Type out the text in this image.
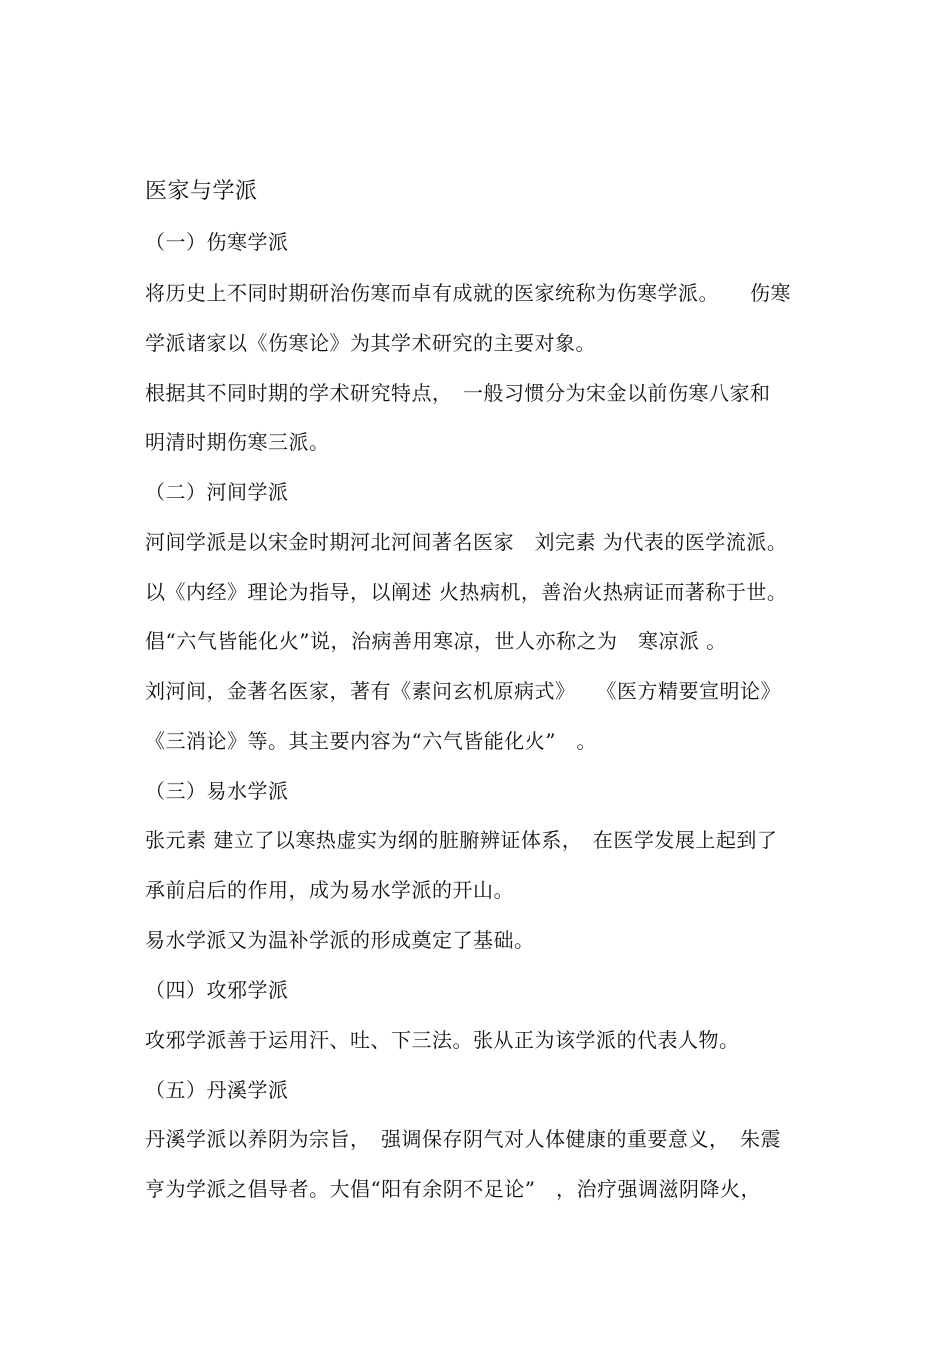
医家与学派
（一）伤寒学派
将历史上不同时期研治伤寒而卓有成就的医家统称为伤寒学派。　　伤寒
学派诸家以《伤寒论》为其学术研究的主要对象。
根据其不同时期的学术研究特点，　一般习惯分为宋金以前伤寒八家和
明清时期伤寒三派。
（二）河间学派
河间学派是以宋金时期河北河间著名医家　刘完素 为代表的医学流派。
以《内经》理论为指导，以阐述 火热病机，善治火热病证而著称于世。
倡“六气皆能化火”说，治病善用寒凉，世人亦称之为　寒凉派 。
刘河间，金著名医家，著有《素问玄机原病式》　　《医方精要宣明论》
《三消论》等。其主要内容为“六气皆能化火”　。
（三）易水学派
张元素 建立了以寒热虚实为纲的脏腑辨证体系，　在医学发展上起到了
承前启后的作用，成为易水学派的开山。
易水学派又为温补学派的形成奠定了基础。
（四）攻邪学派
攻邪学派善于运用汗、吐、下三法。张从正为该学派的代表人物。
（五）丹溪学派
丹溪学派以养阴为宗旨，　强调保存阴气对人体健康的重要意义，　朱震
亨为学派之倡导者。大倡“阳有余阴不足论”　，治疗强调滋阴降火，
